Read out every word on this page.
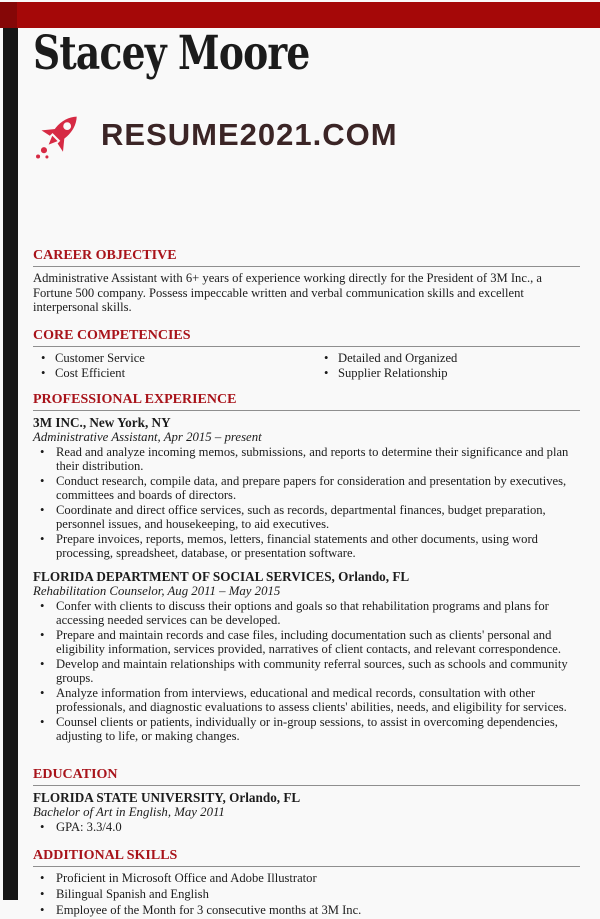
Stacey Moore
RESUME2021.COM
CAREER OBJECTIVE

Administrative Assistant with 6+ years of experience working directly for the President of 3M Inc., a Fortune 500 company. Possess impeccable written and verbal communication skills and excellent interpersonal skills.

CORE COMPETENCIES
• Customer Service	• Detailed and Organized
• Cost Efficient	• Supplier Relationship
PROFESSIONAL EXPERIENCE
3M INC., New York, NY
Administrative Assistant, Apr 2015 – present
• Read and analyze incoming memos, submissions, and reports to determine their significance and plan their distribution.
• Conduct research, compile data, and prepare papers for consideration and presentation by executives, committees and boards of directors.
• Coordinate and direct office services, such as records, departmental finances, budget preparation, personnel issues, and housekeeping, to aid executives.
• Prepare invoices, reports, memos, letters, financial statements and other documents, using word processing, spreadsheet, database, or presentation software.
FLORIDA DEPARTMENT OF SOCIAL SERVICES, Orlando, FL
Rehabilitation Counselor, Aug 2011 – May 2015
• Confer with clients to discuss their options and goals so that rehabilitation programs and plans for accessing needed services can be developed.
• Prepare and maintain records and case files, including documentation such as clients' personal and eligibility information, services provided, narratives of client contacts, and relevant correspondence.
• Develop and maintain relationships with community referral sources, such as schools and community groups.
• Analyze information from interviews, educational and medical records, consultation with other professionals, and diagnostic evaluations to assess clients' abilities, needs, and eligibility for services.
• Counsel clients or patients, individually or in-group sessions, to assist in overcoming dependencies, adjusting to life, or making changes.
EDUCATION
FLORIDA STATE UNIVERSITY, Orlando, FL
Bachelor of Art in English, May 2011
• GPA: 3.3/4.0
ADDITIONAL SKILLS
• Proficient in Microsoft Office and Adobe Illustrator
• Bilingual Spanish and English
• Employee of the Month for 3 consecutive months at 3M Inc.
